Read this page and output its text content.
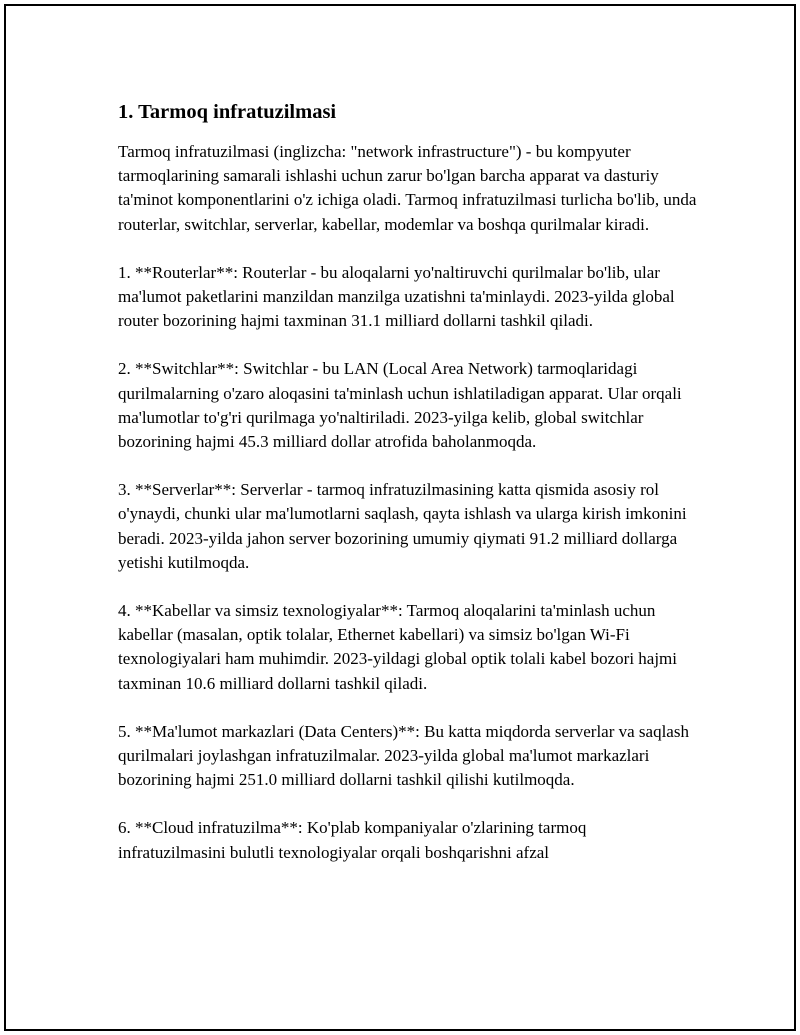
1. Tarmoq infratuzilmasi

Tarmoq infratuzilmasi (inglizcha: "network infrastructure") - bu kompyuter tarmoqlarining samarali ishlashi uchun zarur bo'lgan barcha apparat va dasturiy ta'minot komponentlarini o'z ichiga oladi. Tarmoq infratuzilmasi turlicha bo'lib, unda routerlar, switchlar, serverlar, kabellar, modemlar va boshqa qurilmalar kiradi.

1. **Routerlar**: Routerlar - bu aloqalarni yo'naltiruvchi qurilmalar bo'lib, ular ma'lumot paketlarini manzildan manzilga uzatishni ta'minlaydi. 2023-yilda global router bozorining hajmi taxminan 31.1 milliard dollarni tashkil qiladi.

2. **Switchlar**: Switchlar - bu LAN (Local Area Network) tarmoqlaridagi qurilmalarning o'zaro aloqasini ta'minlash uchun ishlatiladigan apparat. Ular orqali ma'lumotlar to'g'ri qurilmaga yo'naltiriladi. 2023-yilga kelib, global switchlar bozorining hajmi 45.3 milliard dollar atrofida baholanmoqda.

3. **Serverlar**: Serverlar - tarmoq infratuzilmasining katta qismida asosiy rol o'ynaydi, chunki ular ma'lumotlarni saqlash, qayta ishlash va ularga kirish imkonini beradi. 2023-yilda jahon server bozorining umumiy qiymati 91.2 milliard dollarga yetishi kutilmoqda.

4. **Kabellar va simsiz texnologiyalar**: Tarmoq aloqalarini ta'minlash uchun kabellar (masalan, optik tolalar, Ethernet kabellari) va simsiz bo'lgan Wi-Fi texnologiyalari ham muhimdir. 2023-yildagi global optik tolali kabel bozori hajmi taxminan 10.6 milliard dollarni tashkil qiladi.

5. **Ma'lumot markazlari (Data Centers)**: Bu katta miqdorda serverlar va saqlash qurilmalari joylashgan infratuzilmalar. 2023-yilda global ma'lumot markazlari bozorining hajmi 251.0 milliard dollarni tashkil qilishi kutilmoqda.

6. **Cloud infratuzilma**: Ko'plab kompaniyalar o'zlarining tarmoq infratuzilmasini bulutli texnologiyalar orqali boshqarishni afzal
